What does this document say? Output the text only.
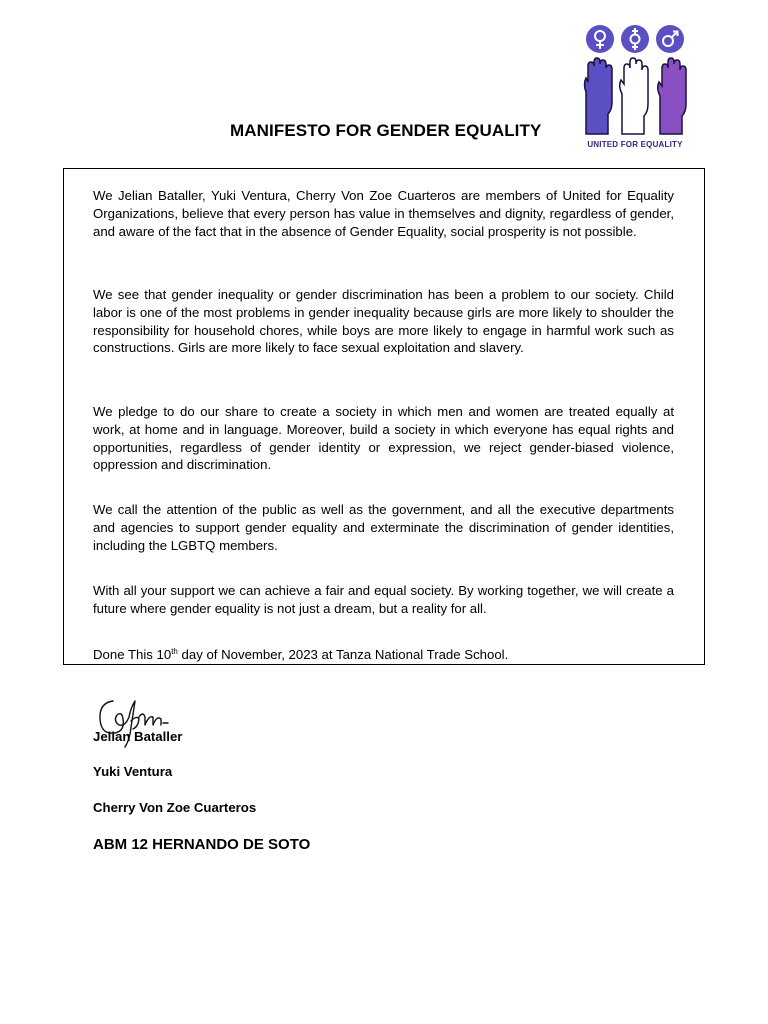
MANIFESTO FOR GENDER EQUALITY
UNITED FOR EQUALITY

We Jelian Bataller, Yuki Ventura, Cherry Von Zoe Cuarteros are members of United for Equality Organizations, believe that every person has value in themselves and dignity, regardless of gender, and aware of the fact that in the absence of Gender Equality, social prosperity is not possible.

We see that gender inequality or gender discrimination has been a problem to our society. Child labor is one of the most problems in gender inequality because girls are more likely to shoulder the responsibility for household chores, while boys are more likely to engage in harmful work such as constructions. Girls are more likely to face sexual exploitation and slavery.

We pledge to do our share to create a society in which men and women are treated equally at work, at home and in language. Moreover, build a society in which everyone has equal rights and opportunities, regardless of gender identity or expression, we reject gender-biased violence, oppression and discrimination.

We call the attention of the public as well as the government, and all the executive departments and agencies to support gender equality and exterminate the discrimination of gender identities, including the LGBTQ members.

With all your support we can achieve a fair and equal society. By working together, we will create a future where gender equality is not just a dream, but a reality for all.

Done This 10th day of November, 2023 at Tanza National Trade School.

Jelian Bataller
Yuki Ventura
Cherry Von Zoe Cuarteros
ABM 12 HERNANDO DE SOTO
